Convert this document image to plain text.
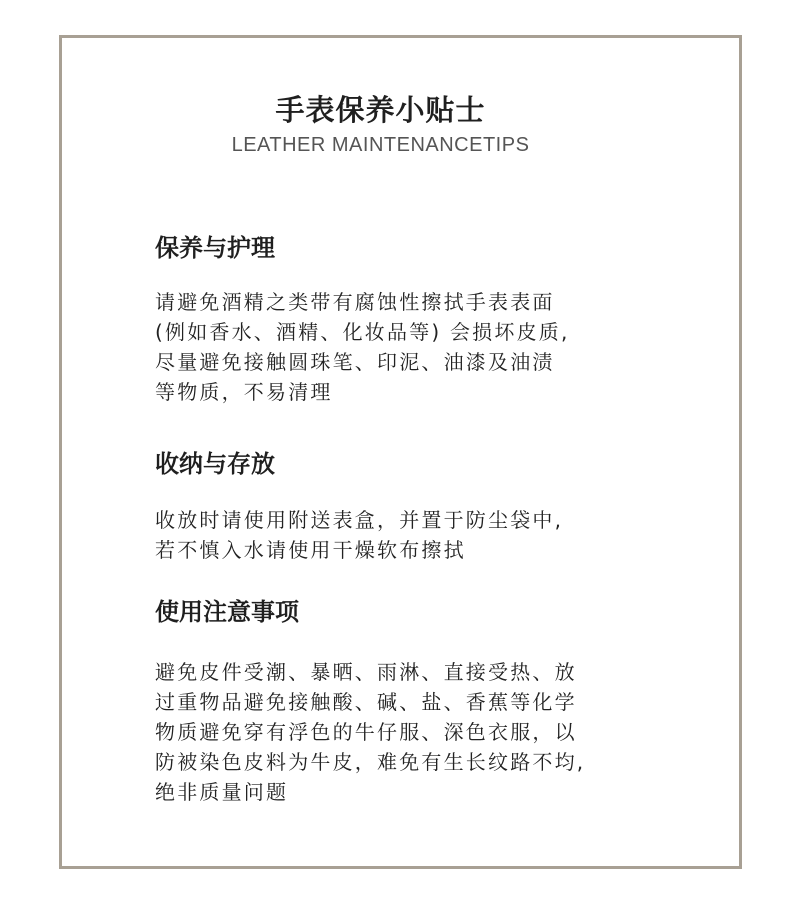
手表保养小贴士
LEATHER MAINTENANCETIPS
保养与护理

请避免酒精之类带有腐蚀性擦拭手表表面
(例如香水、酒精、化妆品等) 会损坏皮质,
尽量避免接触圆珠笔、印泥、油漆及油渍
等物质，不易清理

收纳与存放

收放时请使用附送表盒，并置于防尘袋中,
若不慎入水请使用干燥软布擦拭

使用注意事项

避免皮件受潮、暴晒、雨淋、直接受热、放
过重物品避免接触酸、碱、盐、香蕉等化学
物质避免穿有浮色的牛仔服、深色衣服，以
防被染色皮料为牛皮，难免有生长纹路不均,
绝非质量问题
